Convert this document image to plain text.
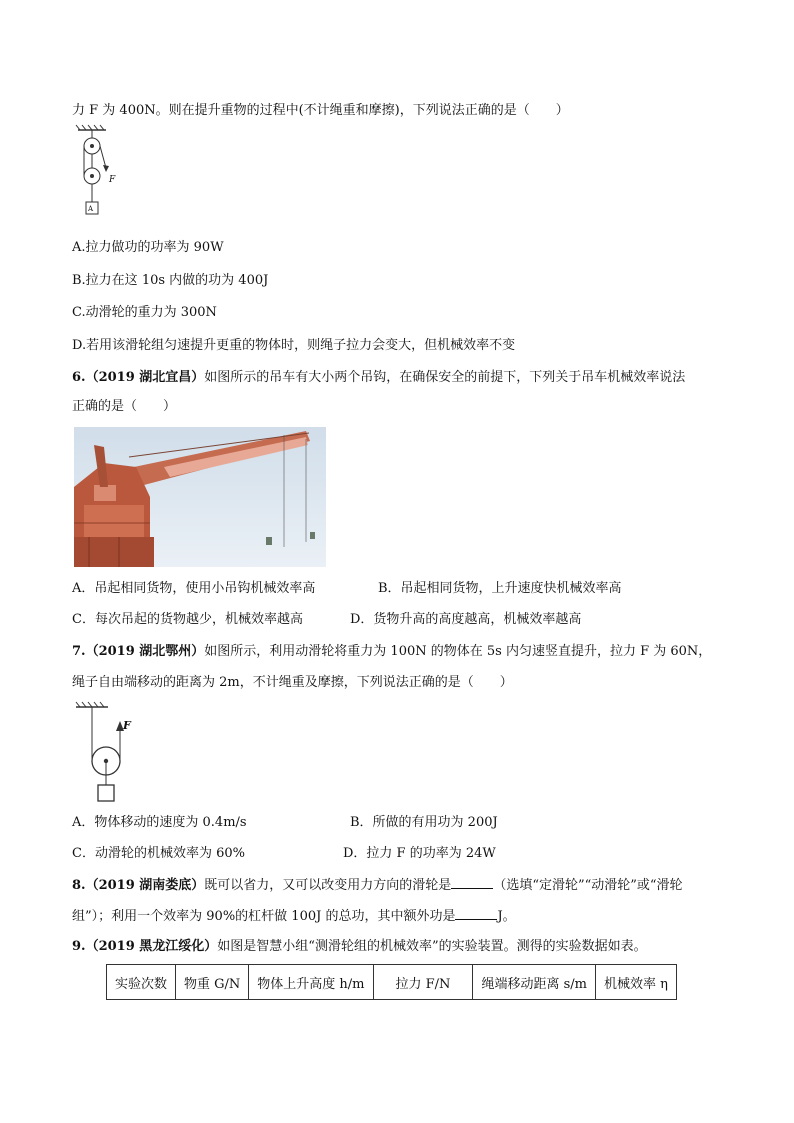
力 F 为 400N。则在提升重物的过程中(不计绳重和摩擦)，下列说法正确的是（　　）
F
A
A.拉力做功的功率为 90W
B.拉力在这 10s 内做的功为 400J
C.动滑轮的重力为 300N
D.若用该滑轮组匀速提升更重的物体时，则绳子拉力会变大，但机械效率不变
6.（2019 湖北宜昌）如图所示的吊车有大小两个吊钩，在确保安全的前提下，下列关于吊车机械效率说法
正确的是（　　）
A．吊起相同货物，使用小吊钩机械效率高	B．吊起相同货物，上升速度快机械效率高
C．每次吊起的货物越少，机械效率越高	D．货物升高的高度越高，机械效率越高
7.（2019 湖北鄂州）如图所示，利用动滑轮将重力为 100N 的物体在 5s 内匀速竖直提升，拉力 F 为 60N，
绳子自由端移动的距离为 2m，不计绳重及摩擦，下列说法正确的是（　　）
F
A．物体移动的速度为 0.4m/s	B．所做的有用功为 200J
C．动滑轮的机械效率为 60%	D．拉力 F 的功率为 24W
8.（2019 湖南娄底）既可以省力，又可以改变用力方向的滑轮是	（选填“定滑轮”“动滑轮”或“滑轮
组”）；利用一个效率为 90%的杠杆做 100J 的总功，其中额外功是	J。
9.（2019 黑龙江绥化）如图是智慧小组“测滑轮组的机械效率”的实验装置。测得的实验数据如表。
实验次数	物重 G/N	物体上升高度 h/m	拉力 F/N	绳端移动距离 s/m	机械效率 η
